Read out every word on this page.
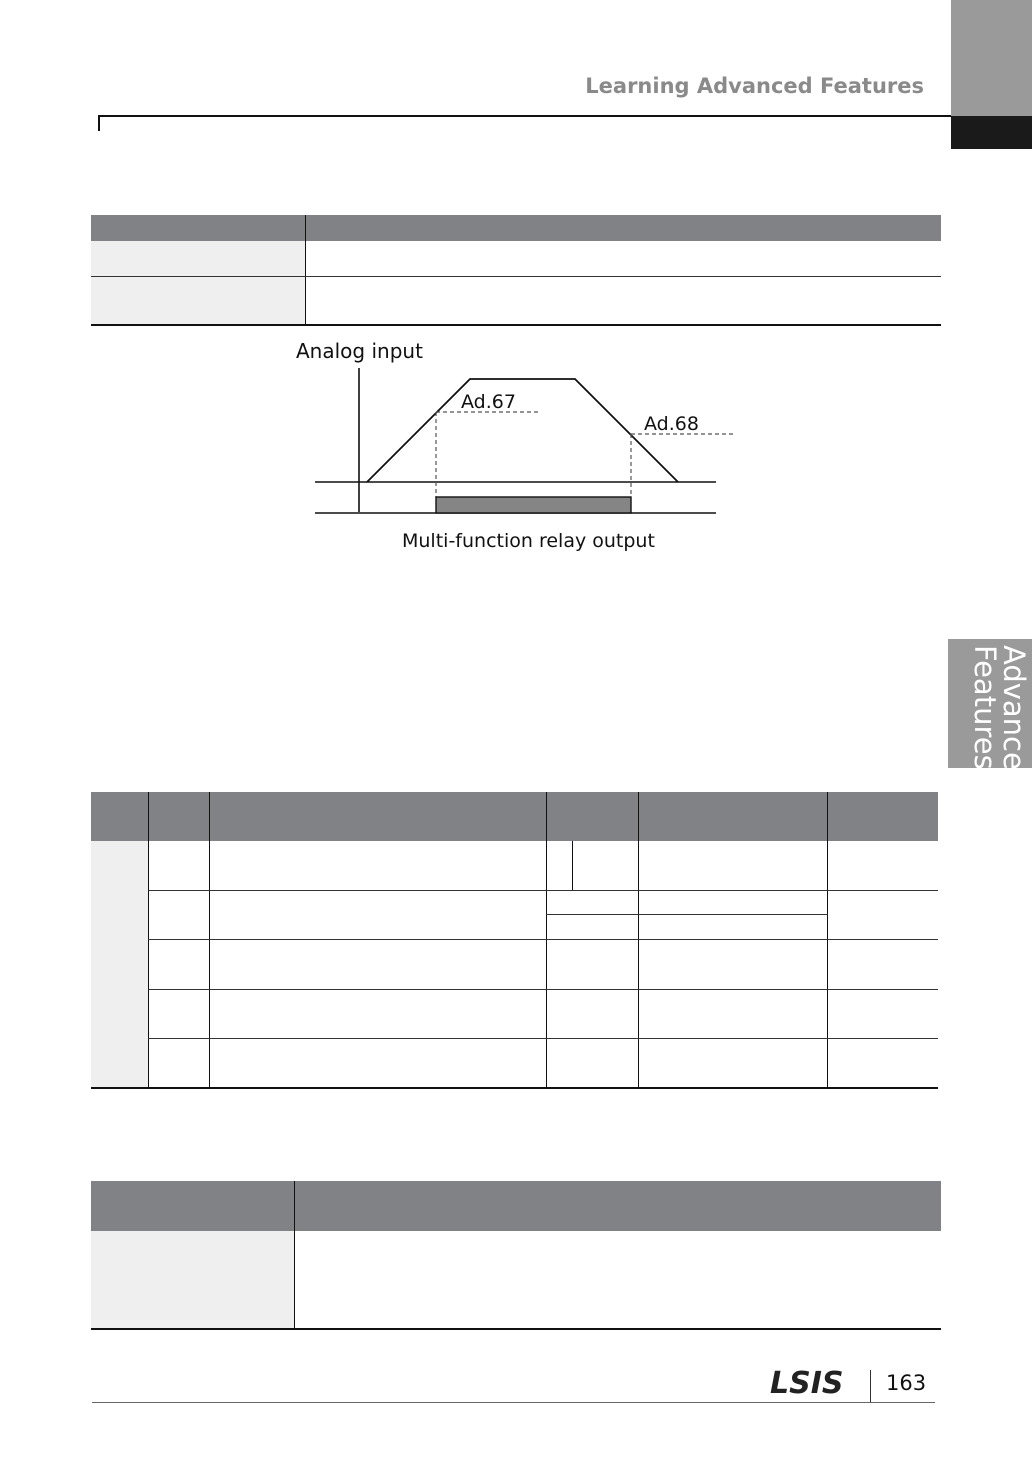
Learning Advanced Features
Advanced Features

Analog input
Ad.67
Ad.68
Multi-function relay output

LSIS 163
